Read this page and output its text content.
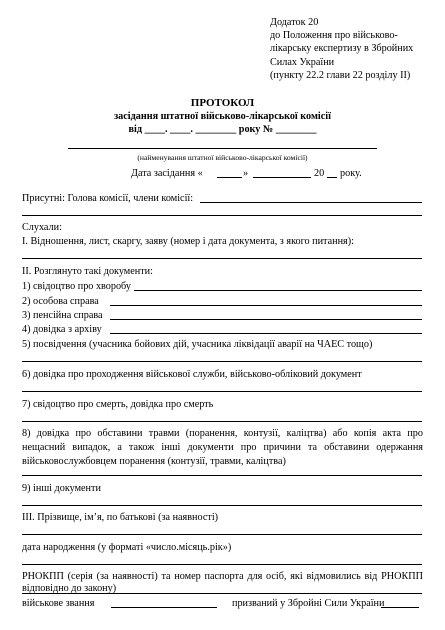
Додаток 20
до Положення про військово-
лікарську експертизу в Збройних
Силах України
(пункту 22.2 глави 22 розділу II)
ПРОТОКОЛ
засідання штатної військово-лікарської комісії
від ____. ____. ________ року № ________
(найменування штатної військово-лікарської комісії)
Дата засідання «	»	20 року.
Присутні: Голова комісії, члени комісії:
Слухали:
I. Відношення, лист, скаргу, заяву (номер і дата документа, з якого питання):
II. Розглянуто такі документи:
1) свідоцтво про хворобу
2) особова справа
3) пенсійна справа
4) довідка з архіву
5) посвідчення (учасника бойових дій, учасника ліквідації аварії на ЧАЕС тощо)
6) довідка про проходження військової служби, військово-обліковий документ
7) свідоцтво про смерть, довідка про смерть
8) довідка про обставини травми (поранення, контузії, каліцтва) або копія акта про нещасний випадок, а також інші документи про причини та обставини одержання військовослужбовцем поранення (контузії, травми, каліцтва)
9) інші документи
III. Прізвище, ім’я, по батькові (за наявності)
дата народження (у форматі «число.місяць.рік»)
РНОКПП (серія (за наявності) та номер паспорта для осіб, які відмовились від РНОКПП відповідно до закону)
військове звання	призваний у Збройні Сили України
